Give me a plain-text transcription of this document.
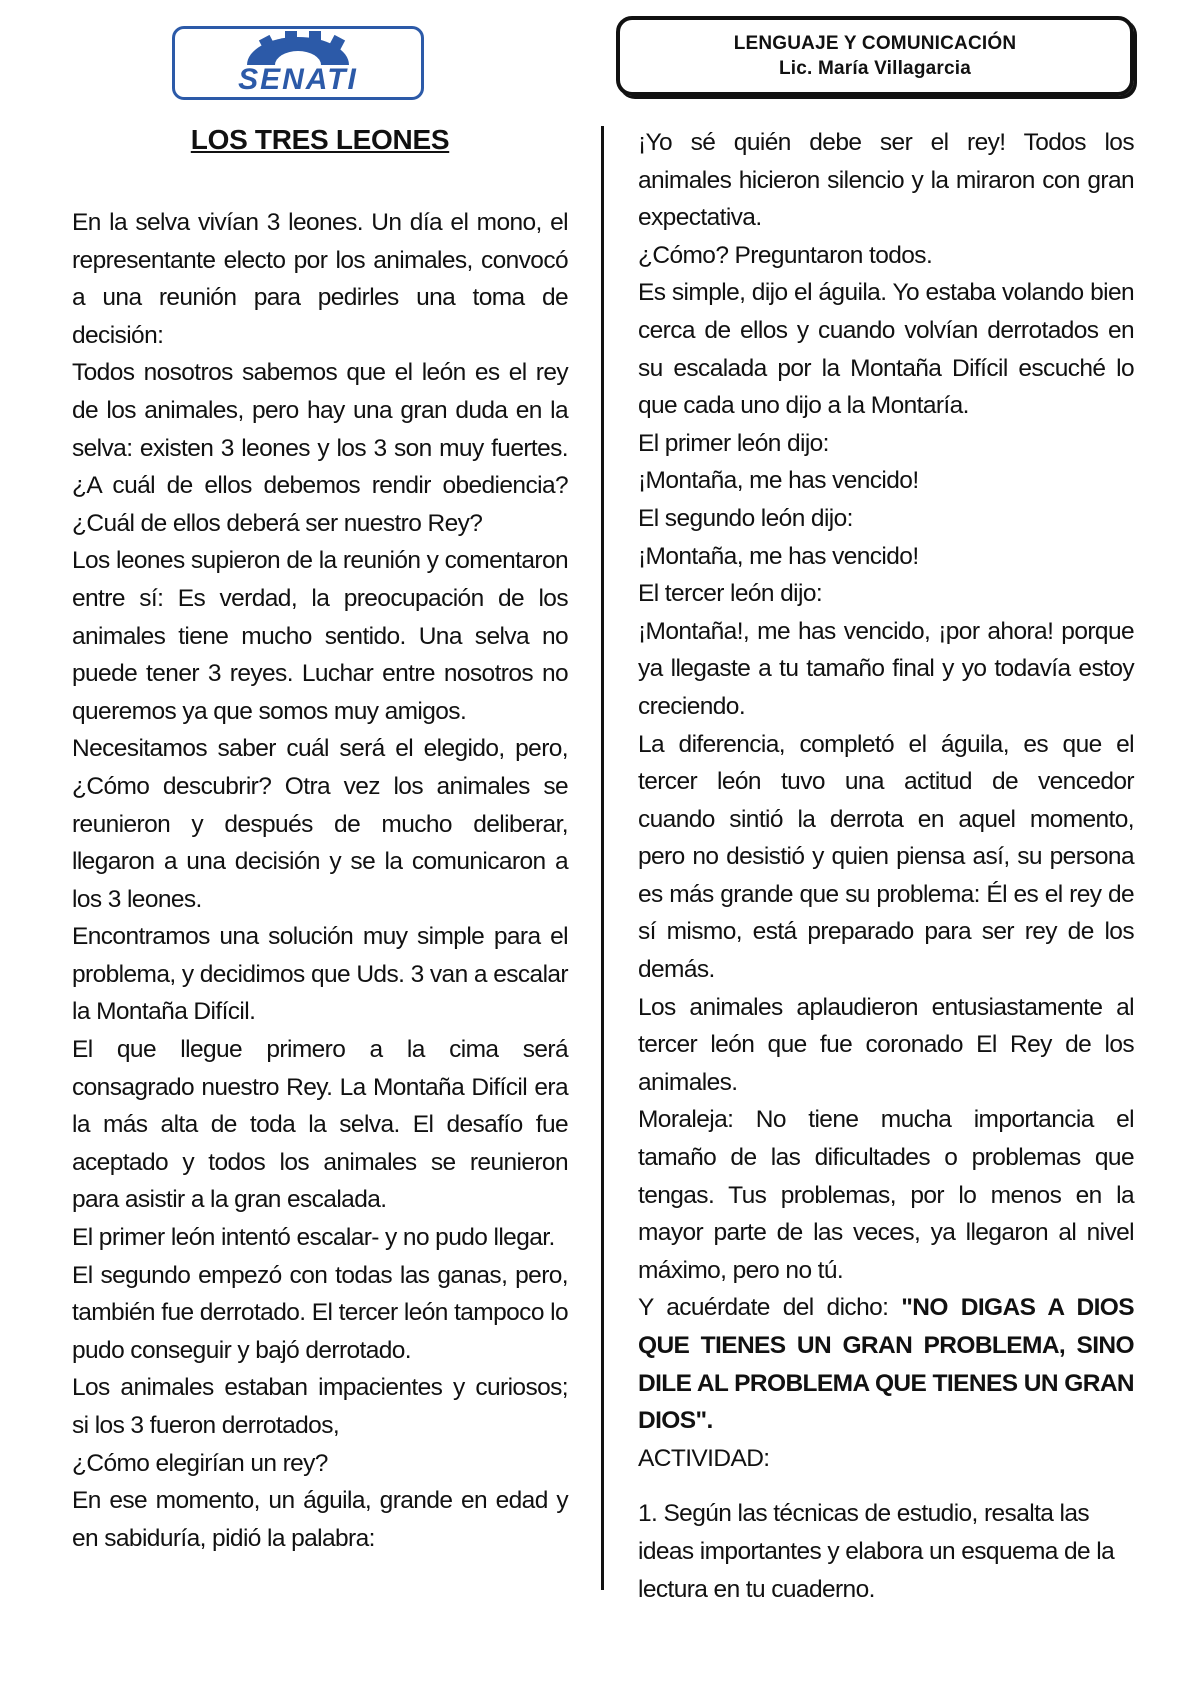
SENATI
LENGUAJE Y COMUNICACIÓN
Lic. María Villagarcia
LOS TRES LEONES

En la selva vivían 3 leones. Un día el mono, el representante electo por los animales, convocó a una reunión para pedirles una toma de decisión:

Todos nosotros sabemos que el león es el rey de los animales, pero hay una gran duda en la selva: existen 3 leones y los 3 son muy fuertes. ¿A cuál de ellos debemos rendir obediencia? ¿Cuál de ellos deberá ser nuestro Rey?

Los leones supieron de la reunión y comentaron entre sí: Es verdad, la preocupación de los animales tiene mucho sentido. Una selva no puede tener 3 reyes. Luchar entre nosotros no queremos ya que somos muy amigos.

Necesitamos saber cuál será el elegido, pero, ¿Cómo descubrir? Otra vez los animales se reunieron y después de mucho deliberar, llegaron a una decisión y se la comunicaron a los 3 leones.

Encontramos una solución muy simple para el problema, y decidimos que Uds. 3 van a escalar la Montaña Difícil.

El que llegue primero a la cima será consagrado nuestro Rey. La Montaña Difícil era la más alta de toda la selva. El desafío fue aceptado y todos los animales se reunieron para asistir a la gran escalada.

El primer león intentó escalar- y no pudo llegar.

El segundo empezó con todas las ganas, pero, también fue derrotado. El tercer león tampoco lo pudo conseguir y bajó derrotado.

Los animales estaban impacientes y curiosos; si los 3 fueron derrotados,

¿Cómo elegirían un rey?

En ese momento, un águila, grande en edad y en sabiduría, pidió la palabra:

¡Yo sé quién debe ser el rey! Todos los animales hicieron silencio y la miraron con gran expectativa.

¿Cómo? Preguntaron todos.

Es simple, dijo el águila. Yo estaba volando bien cerca de ellos y cuando volvían derrotados en su escalada por la Montaña Difícil escuché lo que cada uno dijo a la Montaría.

El primer león dijo:

¡Montaña, me has vencido!

El segundo león dijo:

¡Montaña, me has vencido!

El tercer león dijo:

¡Montaña!, me has vencido, ¡por ahora! porque ya llegaste a tu tamaño final y yo todavía estoy creciendo.

La diferencia, completó el águila, es que el tercer león tuvo una actitud de vencedor cuando sintió la derrota en aquel momento, pero no desistió y quien piensa así, su persona es más grande que su problema: Él es el rey de sí mismo, está preparado para ser rey de los demás.

Los animales aplaudieron entusiastamente al tercer león que fue coronado El Rey de los animales.

Moraleja: No tiene mucha importancia el tamaño de las dificultades o problemas que tengas. Tus problemas, por lo menos en la mayor parte de las veces, ya llegaron al nivel máximo, pero no tú.

Y acuérdate del dicho: "NO DIGAS A DIOS QUE TIENES UN GRAN PROBLEMA, SINO DILE AL PROBLEMA QUE TIENES UN GRAN DIOS".

ACTIVIDAD:

1. Según las técnicas de estudio, resalta las ideas importantes y elabora un esquema de la lectura en tu cuaderno.
